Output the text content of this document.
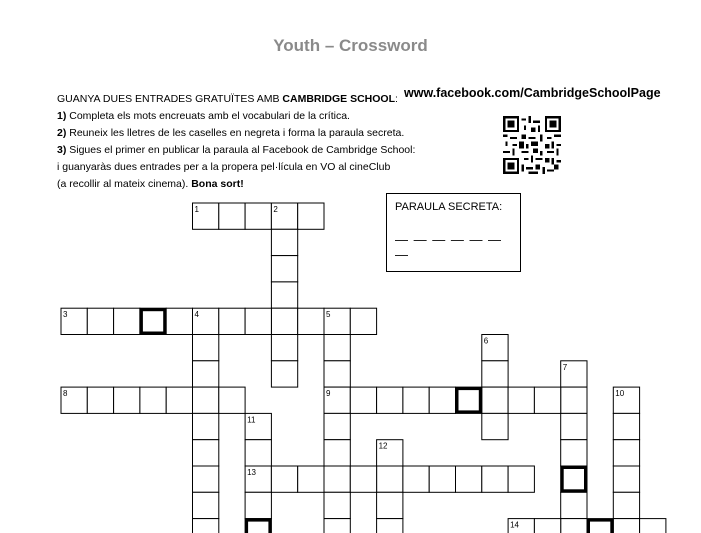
Youth – Crossword
GUANYA DUES ENTRADES GRATUÏTES AMB CAMBRIDGE SCHOOL:
1) Completa els mots encreuats amb el vocabulari de la crítica.
2) Reuneix les lletres de les caselles en negreta i forma la paraula secreta.
3) Sigues el primer en publicar la paraula al Facebook de Cambridge School:
i guanyaràs dues entrades per a la propera pel·lícula en VO al cineClub
(a recollir al mateix cinema). Bona sort!
www.facebook.com/CambridgeSchoolPage
PARAULA SECRETA:
— — — — — — —
1	2
3	4	5
6
7
8	9	10
11
12
13
14
